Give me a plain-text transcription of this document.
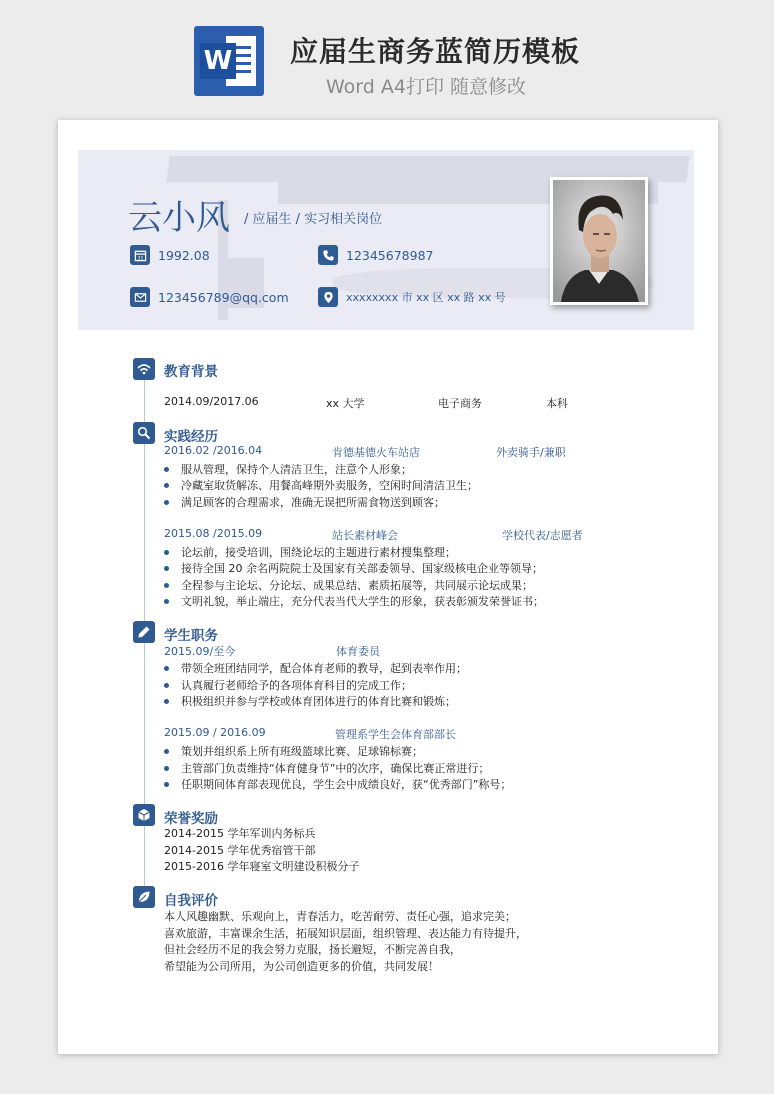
W 应届生商务蓝简历模板
Word A4打印 随意修改
云小风 / 应届生 / 实习相关岗位
31 1992.08	12345678987
123456789@qq.com	xxxxxxxx 市 xx 区 xx 路 xx 号
教育背景
2014.09/2017.06	xx 大学	电子商务	本科
实践经历
2016.02 /2016.04	肯德基德火车站店	外卖骑手/兼职
服从管理，保持个人清洁卫生，注意个人形象；
冷藏室取货解冻、用餐高峰期外卖服务，空闲时间清洁卫生；
满足顾客的合理需求，准确无误把所需食物送到顾客；
2015.08 /2015.09	站长素材峰会	学校代表/志愿者
论坛前，接受培训，围绕论坛的主题进行素材搜集整理；
接待全国 20 余名两院院士及国家有关部委领导、国家级核电企业等领导；
全程参与主论坛、分论坛、成果总结、素质拓展等，共同展示论坛成果；
文明礼貌，举止端庄，充分代表当代大学生的形象，获表彰颁发荣誉证书；
学生职务
2015.09/至今	体育委员
带领全班团结同学，配合体育老师的教导，起到表率作用；
认真履行老师给予的各项体育科目的完成工作；
积极组织并参与学校或体育团体进行的体育比赛和锻炼；
2015.09 / 2016.09	管理系学生会体育部部长
策划并组织系上所有班级篮球比赛、足球锦标赛；
主管部门负责维持“体育健身节”中的次序，确保比赛正常进行；
任职期间体育部表现优良，学生会中成绩良好，获“优秀部门”称号；
荣誉奖励
2014-2015 学年军训内务标兵
2014-2015 学年优秀宿管干部
2015-2016 学年寝室文明建设积极分子
自我评价
本人风趣幽默、乐观向上，青春活力，吃苦耐劳、责任心强，追求完美；
喜欢旅游，丰富课余生活，拓展知识层面，组织管理、表达能力有待提升，
但社会经历不足的我会努力克服，扬长避短，不断完善自我，
希望能为公司所用，为公司创造更多的价值，共同发展！
